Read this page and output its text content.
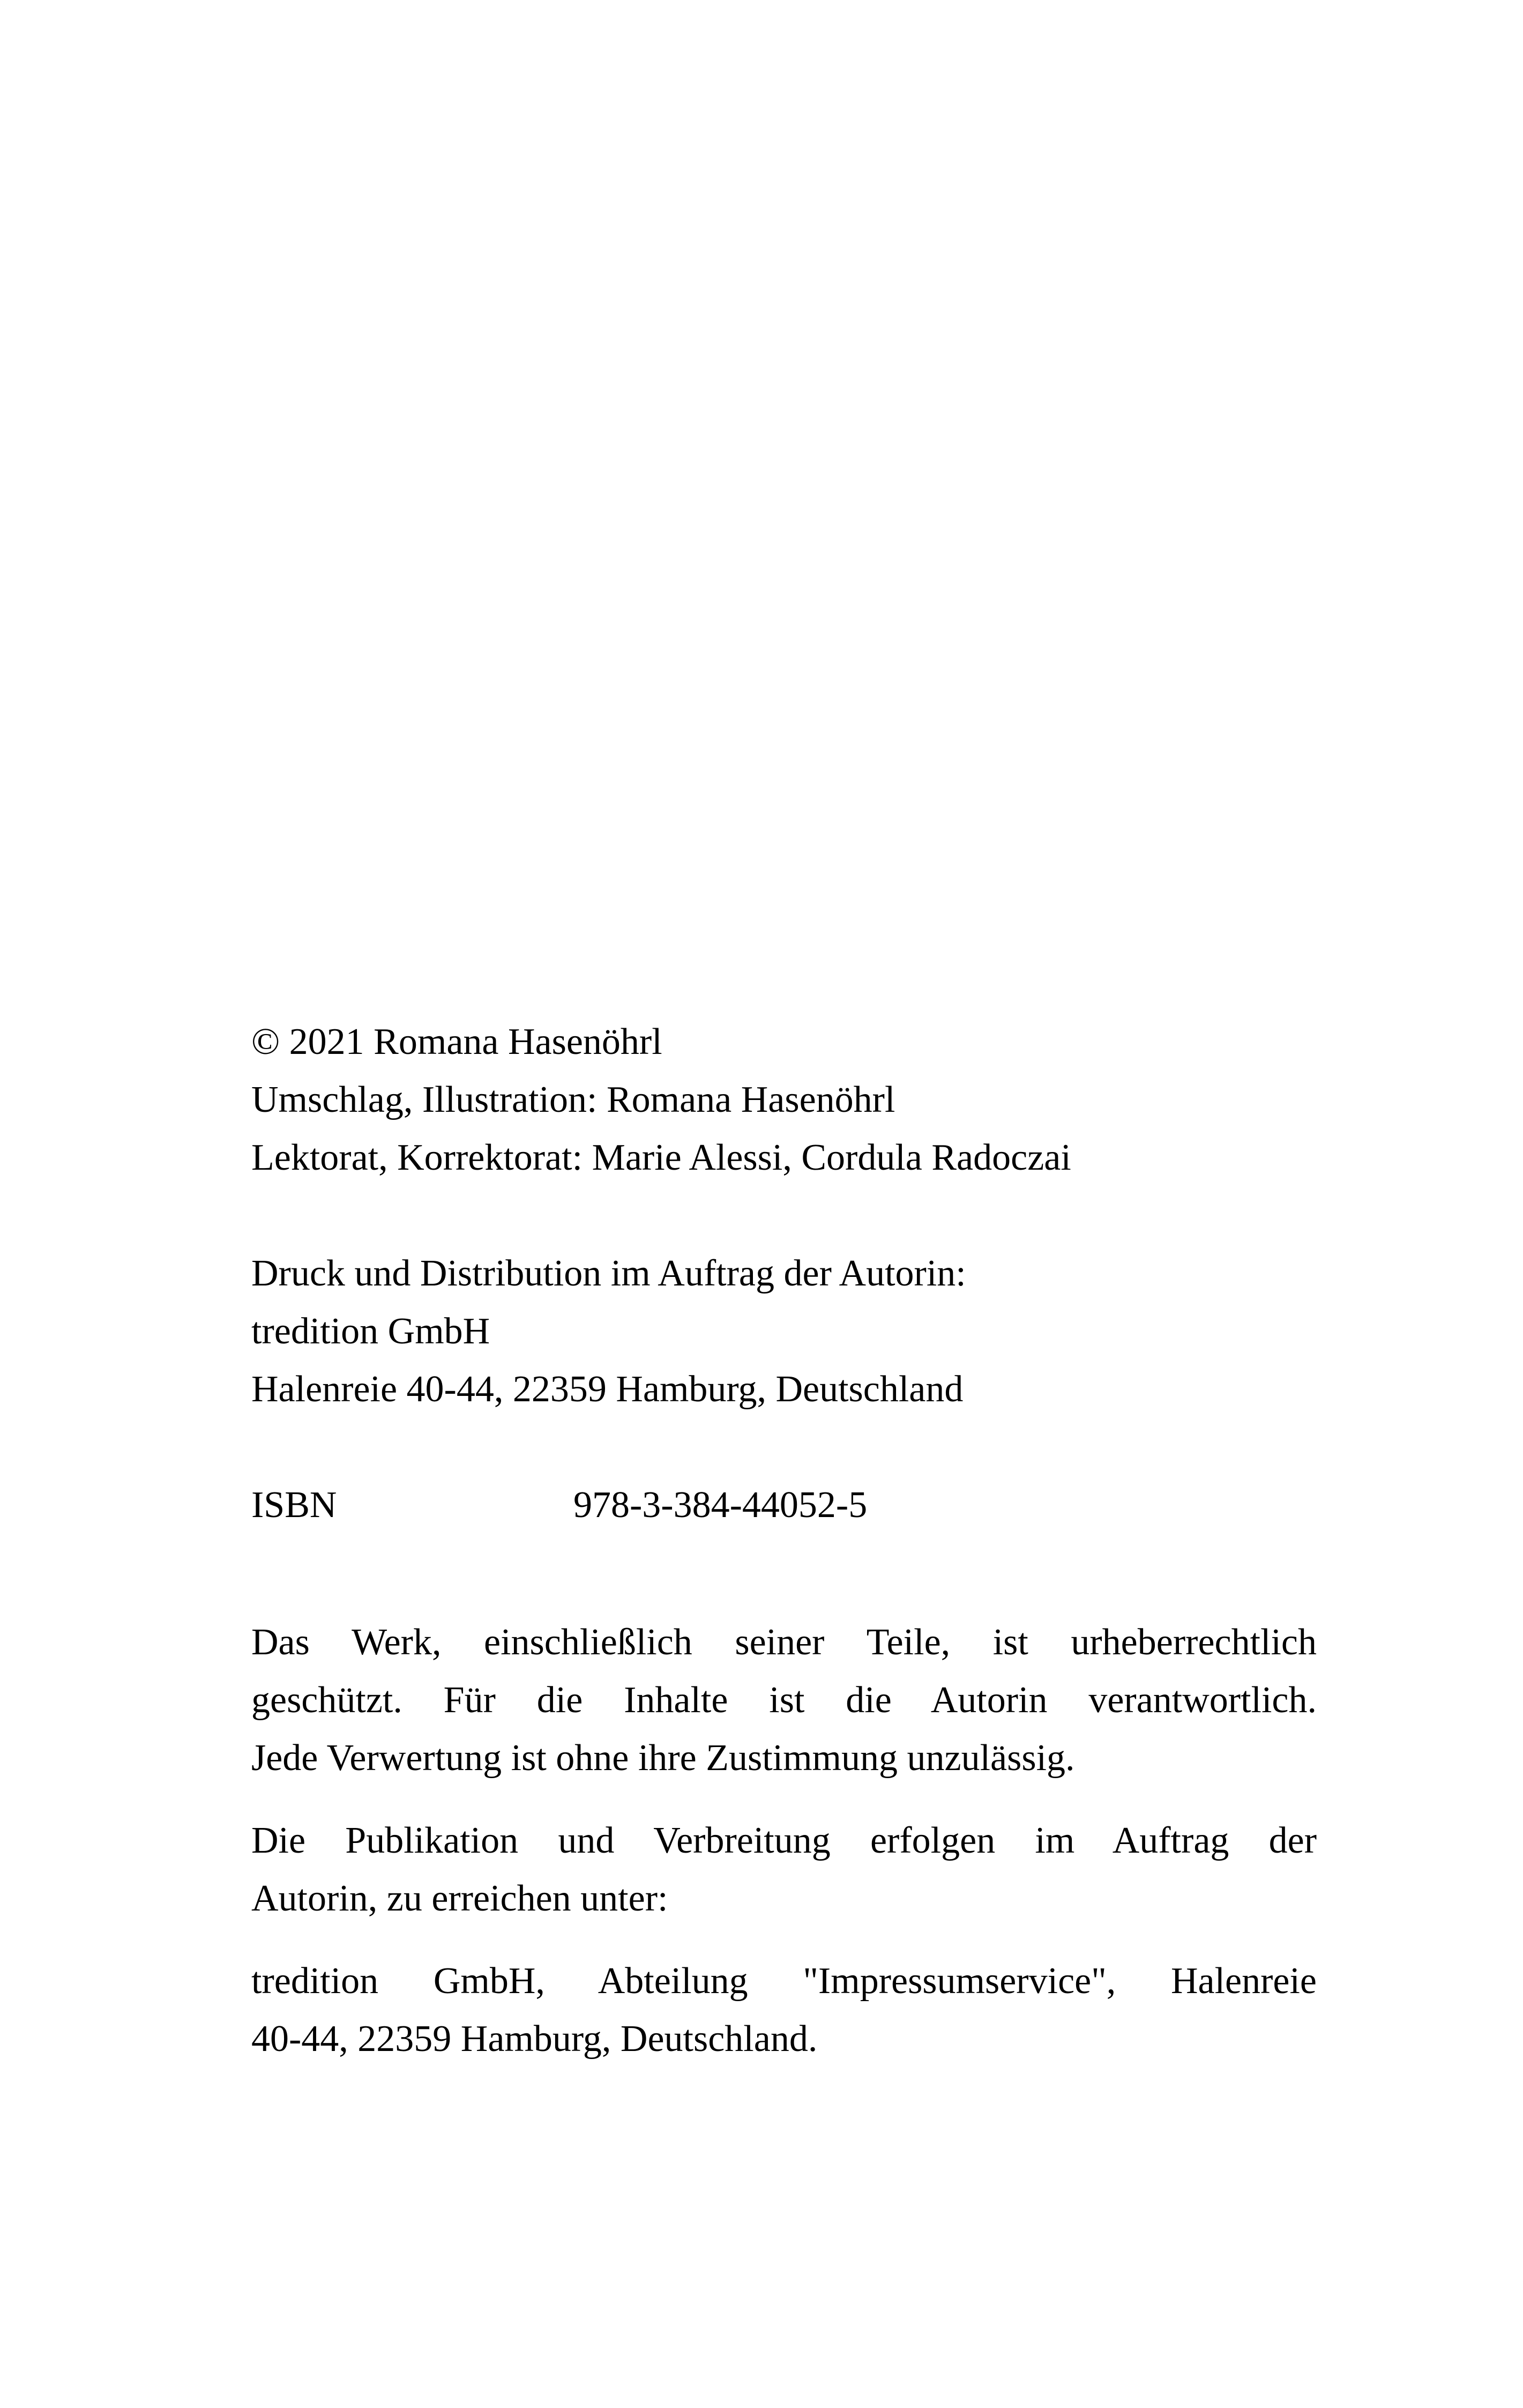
© 2021 Romana Hasenöhrl
Umschlag, Illustration: Romana Hasenöhrl
Lektorat, Korrektorat: Marie Alessi, Cordula Radoczai
Druck und Distribution im Auftrag der Autorin:
tredition GmbH
Halenreie 40-44, 22359 Hamburg, Deutschland
ISBN	978-3-384-44052-5
Das Werk, einschließlich seiner Teile, ist urheberrechtlich
geschützt. Für die Inhalte ist die Autorin verantwortlich.
Jede Verwertung ist ohne ihre Zustimmung unzulässig.
Die Publikation und Verbreitung erfolgen im Auftrag der
Autorin, zu erreichen unter:
tredition GmbH, Abteilung "Impressumservice", Halenreie
40-44, 22359 Hamburg, Deutschland.
